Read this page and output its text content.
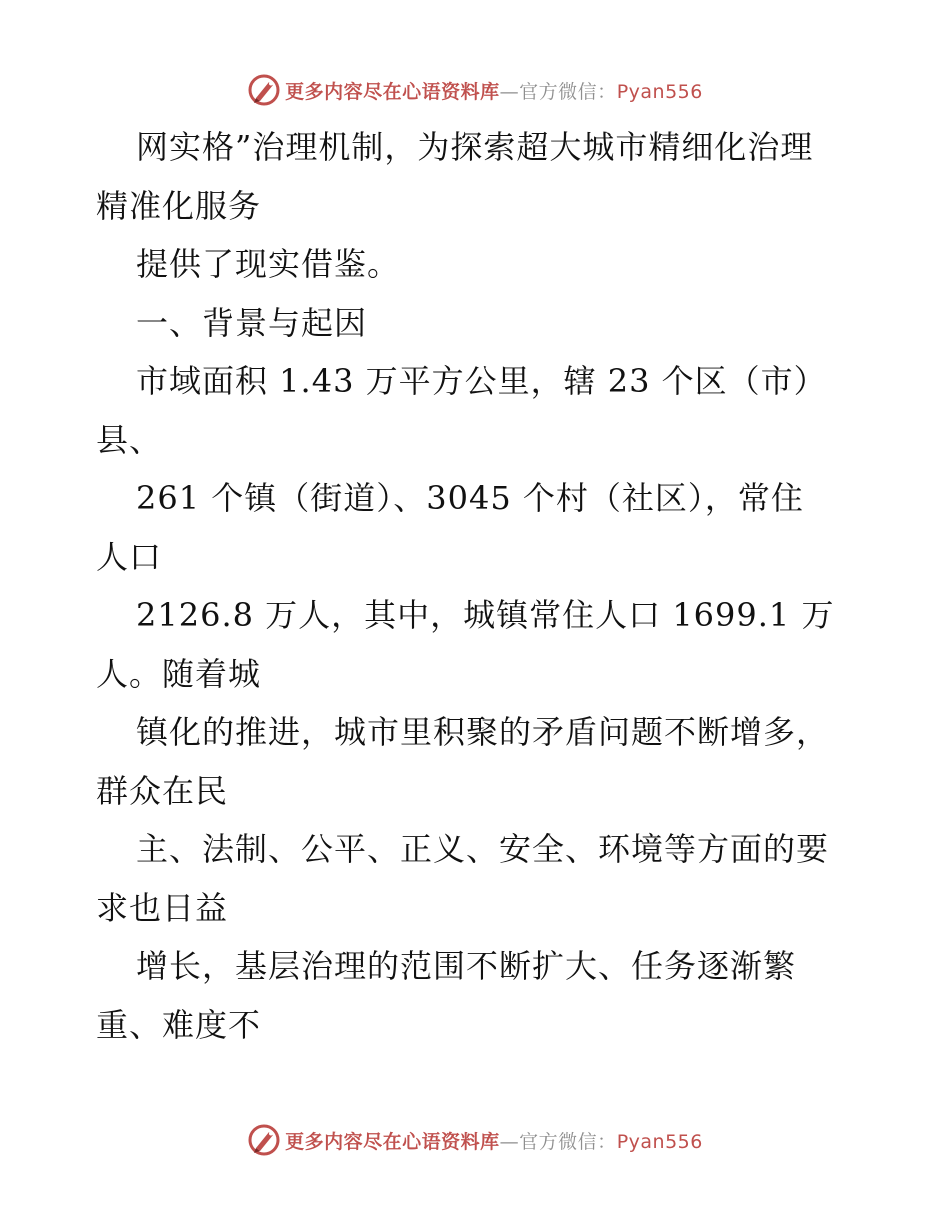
更多内容尽在心语资料库—官方微信：Pyan556
网实格”治理机制，为探索超大城市精细化治理
精准化服务
提供了现实借鉴。
一、背景与起因
市域面积 1.43 万平方公里，辖 23 个区（市）
县、
261 个镇（街道）、3045 个村（社区），常住
人口
2126.8 万人，其中，城镇常住人口 1699.1 万
人。随着城
镇化的推进，城市里积聚的矛盾问题不断增多，
群众在民
主、法制、公平、正义、安全、环境等方面的要
求也日益
增长，基层治理的范围不断扩大、任务逐渐繁
重、难度不
更多内容尽在心语资料库—官方微信：Pyan556
